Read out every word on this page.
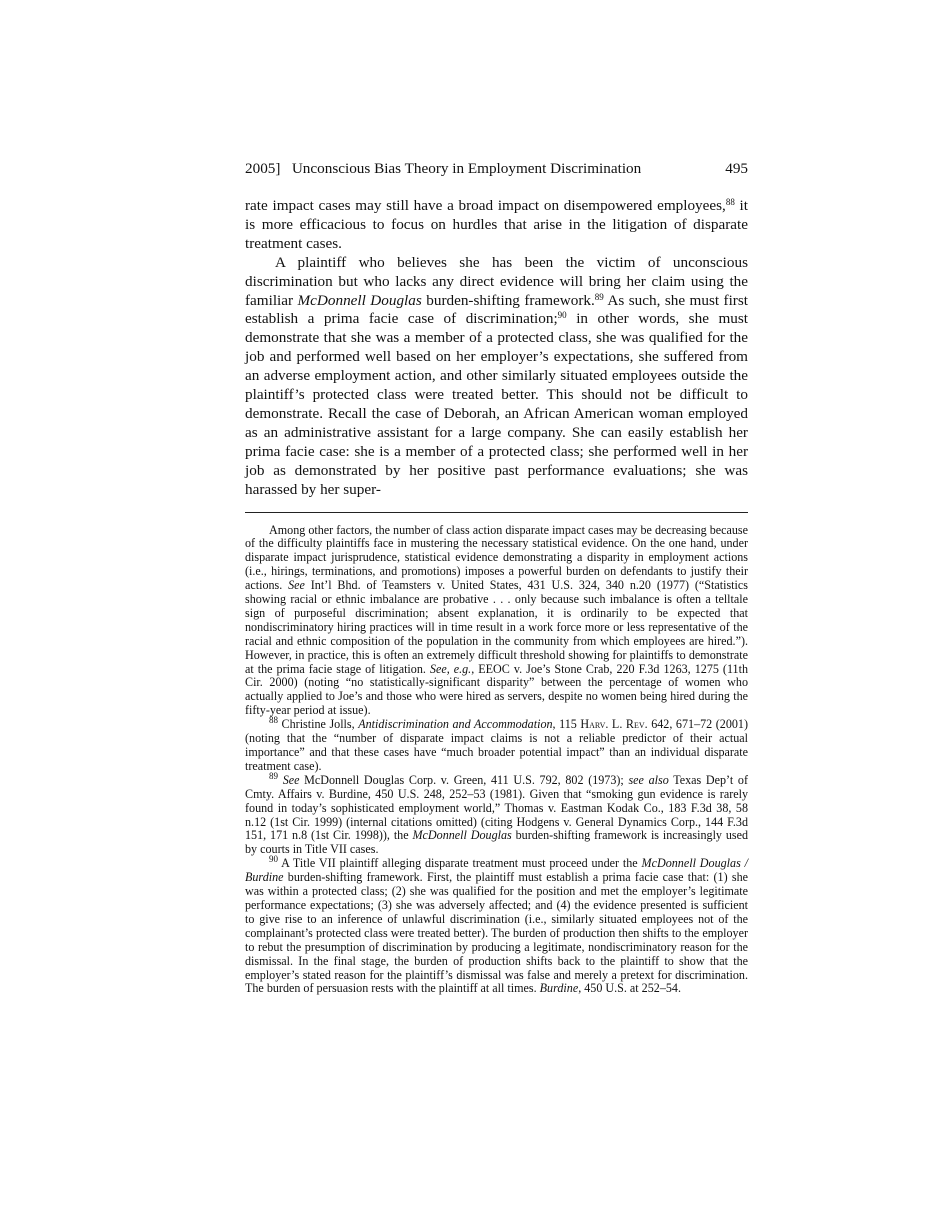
2005] Unconscious Bias Theory in Employment Discrimination	495

rate impact cases may still have a broad impact on disempowered employees,$^{88}$ it is more efficacious to focus on hurdles that arise in the litigation of disparate treatment cases.

A plaintiff who believes she has been the victim of unconscious discrimination but who lacks any direct evidence will bring her claim using the familiar McDonnell Douglas burden-shifting framework.$^{89}$ As such, she must first establish a prima facie case of discrimination;$^{90}$ in other words, she must demonstrate that she was a member of a protected class, she was qualified for the job and performed well based on her employer’s expectations, she suffered from an adverse employment action, and other similarly situated employees outside the plaintiff’s protected class were treated better. This should not be difficult to demonstrate. Recall the case of Deborah, an African American woman employed as an administrative assistant for a large company. She can easily establish her prima facie case: she is a member of a protected class; she performed well in her job as demonstrated by her positive past performance evaluations; she was harassed by her super-

Among other factors, the number of class action disparate impact cases may be decreasing because of the difficulty plaintiffs face in mustering the necessary statistical evidence. On the one hand, under disparate impact jurisprudence, statistical evidence demonstrating a disparity in employment actions (i.e., hirings, terminations, and promotions) imposes a powerful burden on defendants to justify their actions. See Int’l Bhd. of Teamsters v. United States, 431 U.S. 324, 340 n.20 (1977) (“Statistics showing racial or ethnic imbalance are probative . . . only because such imbalance is often a telltale sign of purposeful discrimination; absent explanation, it is ordinarily to be expected that nondiscriminatory hiring practices will in time result in a work force more or less representative of the racial and ethnic composition of the population in the community from which employees are hired.”). However, in practice, this is often an extremely difficult threshold showing for plaintiffs to demonstrate at the prima facie stage of litigation. See, e.g., EEOC v. Joe’s Stone Crab, 220 F.3d 1263, 1275 (11th Cir. 2000) (noting “no statistically-significant disparity” between the percentage of women who actually applied to Joe’s and those who were hired as servers, despite no women being hired during the fifty-year period at issue).

$^{88}$ Christine Jolls, Antidiscrimination and Accommodation, 115 Harv. L. Rev. 642, 671–72 (2001) (noting that the “number of disparate impact claims is not a reliable predictor of their actual importance” and that these cases have “much broader potential impact” than an individual disparate treatment case).

$^{89}$ See McDonnell Douglas Corp. v. Green, 411 U.S. 792, 802 (1973); see also Texas Dep’t of Cmty. Affairs v. Burdine, 450 U.S. 248, 252–53 (1981). Given that “smoking gun evidence is rarely found in today’s sophisticated employment world,” Thomas v. Eastman Kodak Co., 183 F.3d 38, 58 n.12 (1st Cir. 1999) (internal citations omitted) (citing Hodgens v. General Dynamics Corp., 144 F.3d 151, 171 n.8 (1st Cir. 1998)), the McDonnell Douglas burden-shifting framework is increasingly used by courts in Title VII cases.

$^{90}$ A Title VII plaintiff alleging disparate treatment must proceed under the McDonnell Douglas / Burdine burden-shifting framework. First, the plaintiff must establish a prima facie case that: (1) she was within a protected class; (2) she was qualified for the position and met the employer’s legitimate performance expectations; (3) she was adversely affected; and (4) the evidence presented is sufficient to give rise to an inference of unlawful discrimination (i.e., similarly situated employees not of the complainant’s protected class were treated better). The burden of production then shifts to the employer to rebut the presumption of discrimination by producing a legitimate, nondiscriminatory reason for the dismissal. In the final stage, the burden of production shifts back to the plaintiff to show that the employer’s stated reason for the plaintiff’s dismissal was false and merely a pretext for discrimination. The burden of persuasion rests with the plaintiff at all times. Burdine, 450 U.S. at 252–54.
